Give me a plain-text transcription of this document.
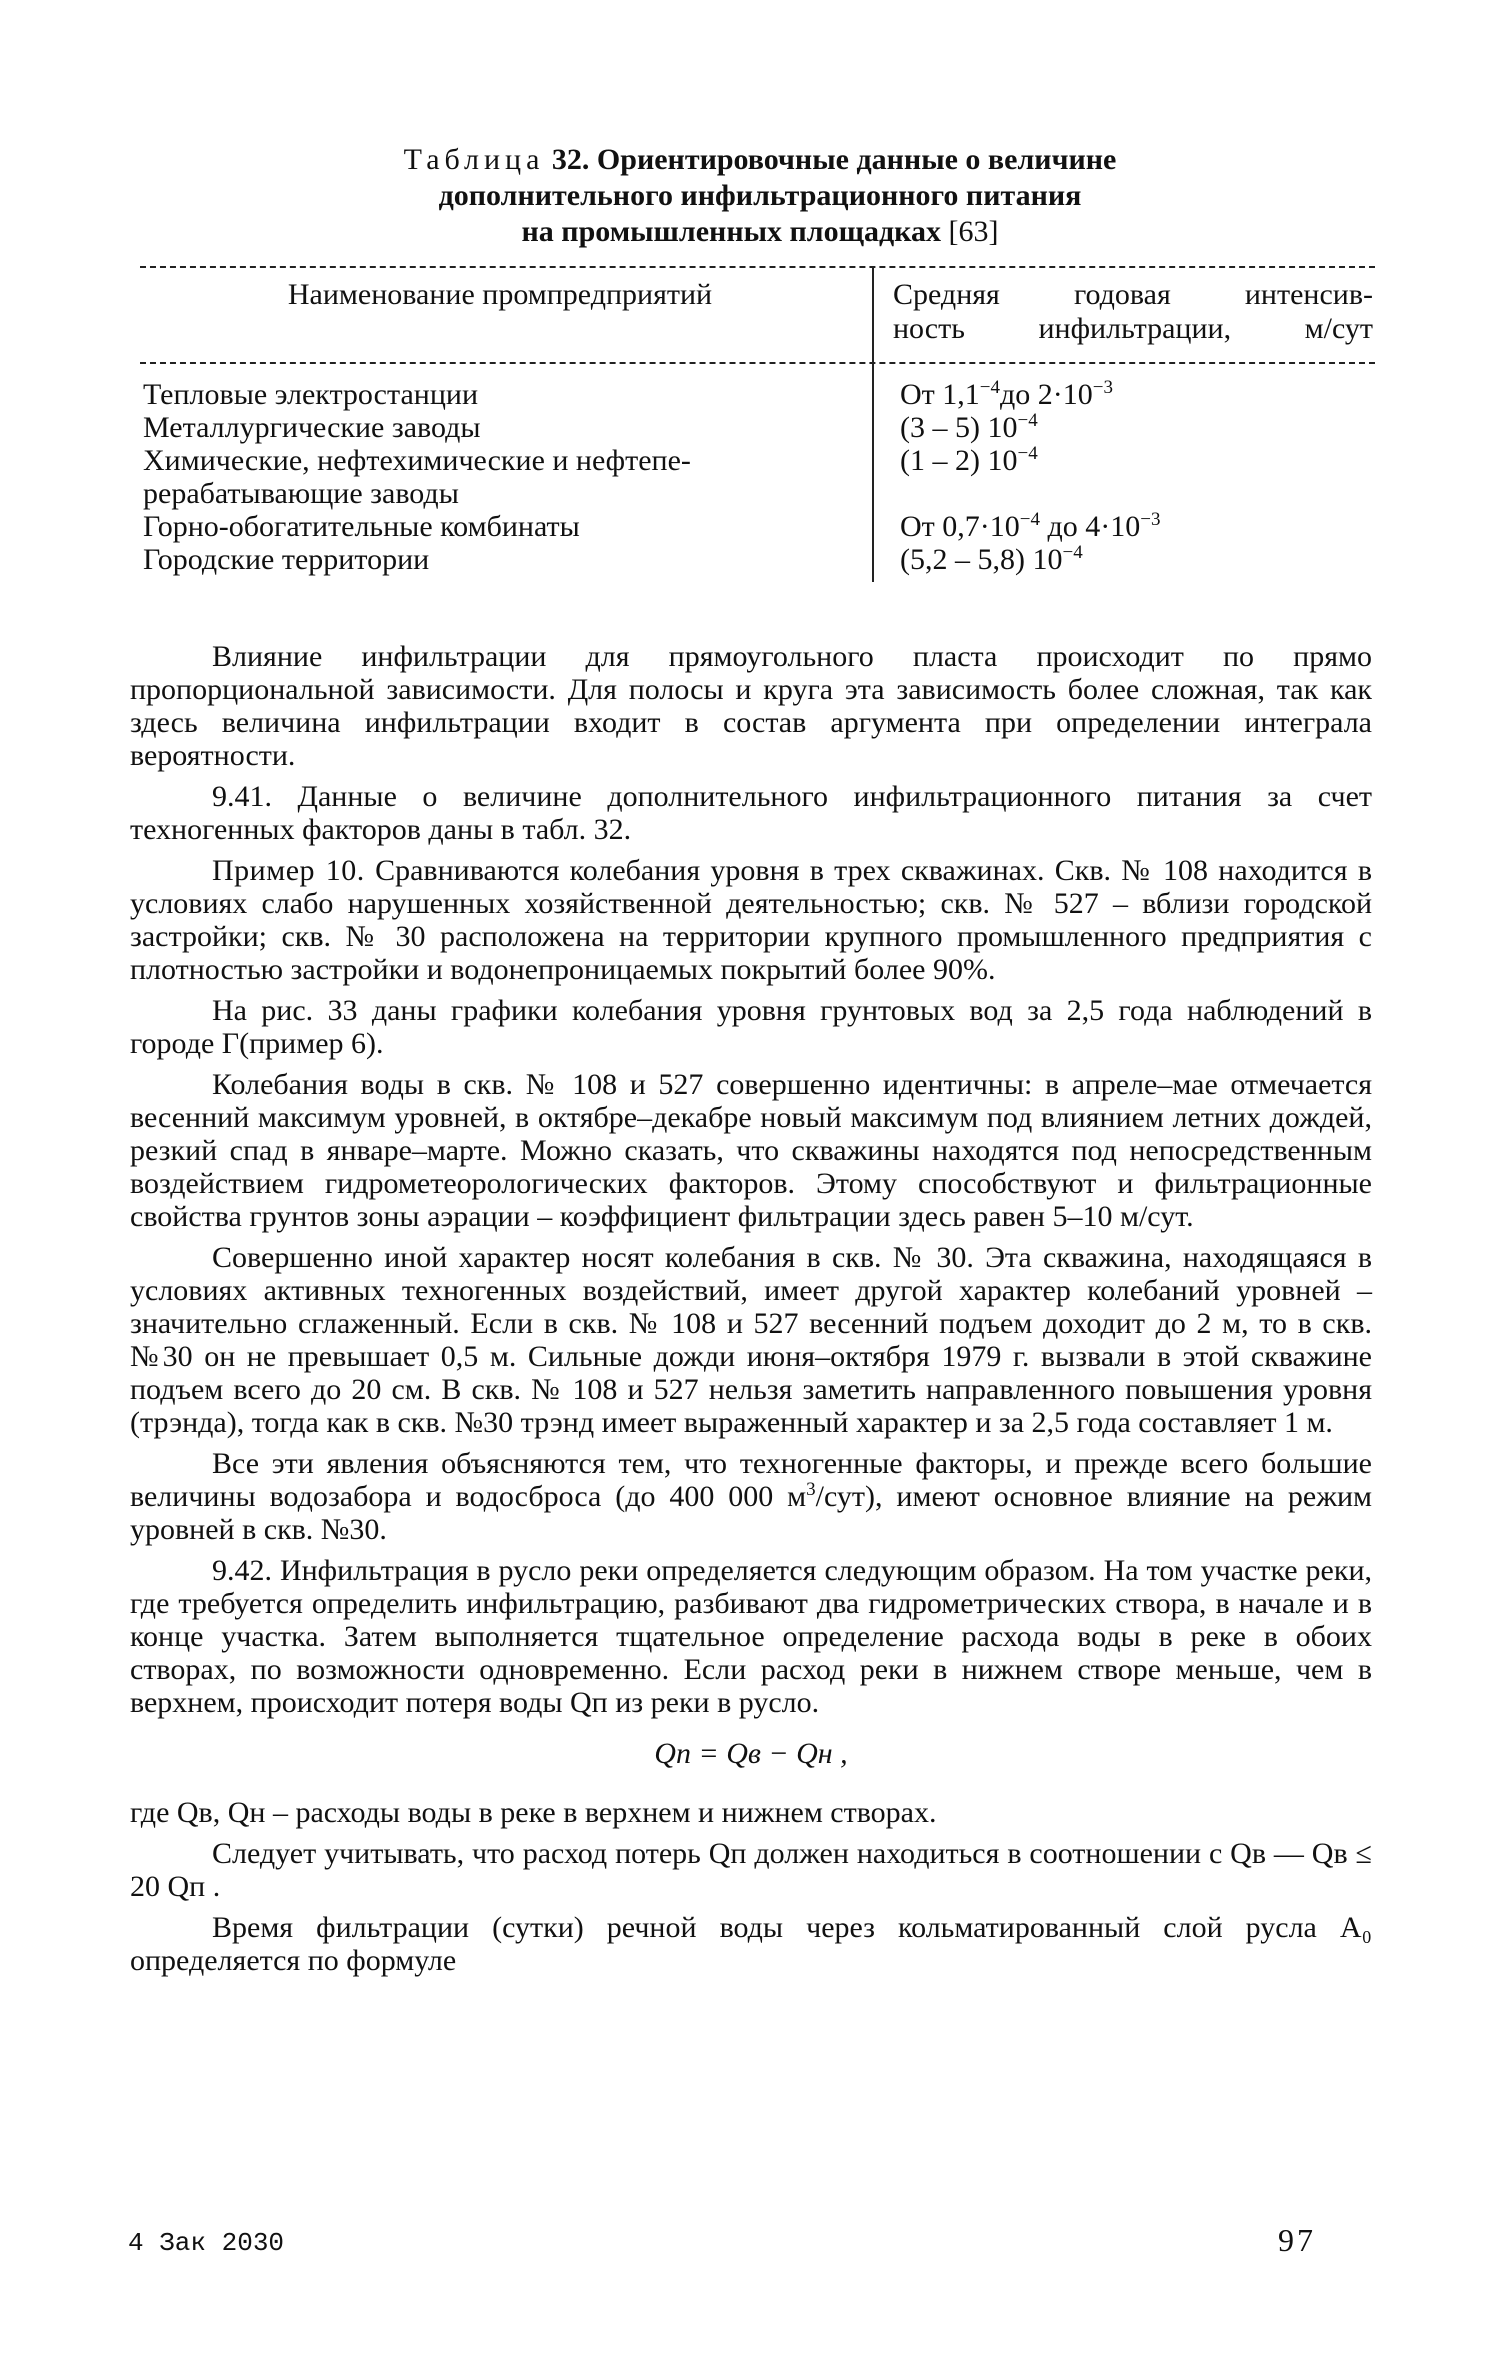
Таблица 32. Ориентировочные данные о величине
дополнительного инфильтрационного питания
на промышленных площадках [63]
Наименование промпредприятий	Средняя годовая интенсив-
ность инфильтрации, м/сут
Тепловые электростанции
Металлургические заводы
Химические, нефтехимические и нефтепе-
рерабатывающие заводы
Горно-обогатительные комбинаты
Городские территории
От $1,1^{-4}до$ $2\cdot 10^{-3}$
(3 – 5) $10^{-4}$
(1 – 2) $10^{-4}$
От $0,7\cdot 10^{-4}$ до $4\cdot 10^{-3}$
(5,2 – 5,8) $10^{-4}$

Влияние инфильтрации для прямоугольного пласта происходит по прямо пропорциональной зависимости. Для полосы и круга эта зависимость более сложная, так как здесь величина инфильтрации входит в состав аргумента при определении интеграла вероятности.

9.41. Данные о величине дополнительного инфильтрационного питания за счет техногенных факторов даны в табл. 32.

Пример 10. Сравниваются колебания уровня в трех скважинах. Скв. № 108 находится в условиях слабо нарушенных хозяйственной деятельностью; скв. № 527 – вблизи городской застройки; скв. № 30 расположена на территории крупного промышленного предприятия с плотностью застройки и водонепроницаемых покрытий более 90%.

На рис. 33 даны графики колебания уровня грунтовых вод за 2,5 года наблюдений в городе Г(пример 6).

Колебания воды в скв. № 108 и 527 совершенно идентичны: в апреле–мае отмечается весенний максимум уровней, в октябре–декабре новый максимум под влиянием летних дождей, резкий спад в январе–марте. Можно сказать, что скважины находятся под непосредственным воздействием гидрометеорологических факторов. Этому способствуют и фильтрационные свойства грунтов зоны аэрации – коэффициент фильтрации здесь равен 5–10 м/сут.

Совершенно иной характер носят колебания в скв. № 30. Эта скважина, находящаяся в условиях активных техногенных воздействий, имеет другой характер колебаний уровней – значительно сглаженный. Если в скв. № 108 и 527 весенний подъем доходит до 2 м, то в скв. №30 он не превышает 0,5 м. Сильные дожди июня–октября 1979 г. вызвали в этой скважине подъем всего до 20 см. В скв. № 108 и 527 нельзя заметить направленного повышения уровня (трэнда), тогда как в скв. №30 трэнд имеет выраженный характер и за 2,5 года составляет 1 м.

Все эти явления объясняются тем, что техногенные факторы, и прежде всего большие величины водозабора и водосброса (до 400 000 $м^3/сут$), имеют основное влияние на режим уровней в скв. №30.

9.42. Инфильтрация в русло реки определяется следующим образом. На том участке реки, где требуется определить инфильтрацию, разбивают два гидрометрических створа, в начале и в конце участка. Затем выполняется тщательное определение расхода воды в реке в обоих створах, по возможности одновременно. Если расход реки в нижнем створе меньше, чем в верхнем, происходит потеря воды Qп из реки в русло.

Qп = Qв − Qн ,

где Qв, Qн – расходы воды в реке в верхнем и нижнем створах.

Следует учитывать, что расход потерь Qп должен находиться в соотношении с Qв — Qв ≤ 20 Qп .

Время фильтрации (сутки) речной воды через кольматированный слой русла A₀ определяется по формуле

4 Зак 2030	97
